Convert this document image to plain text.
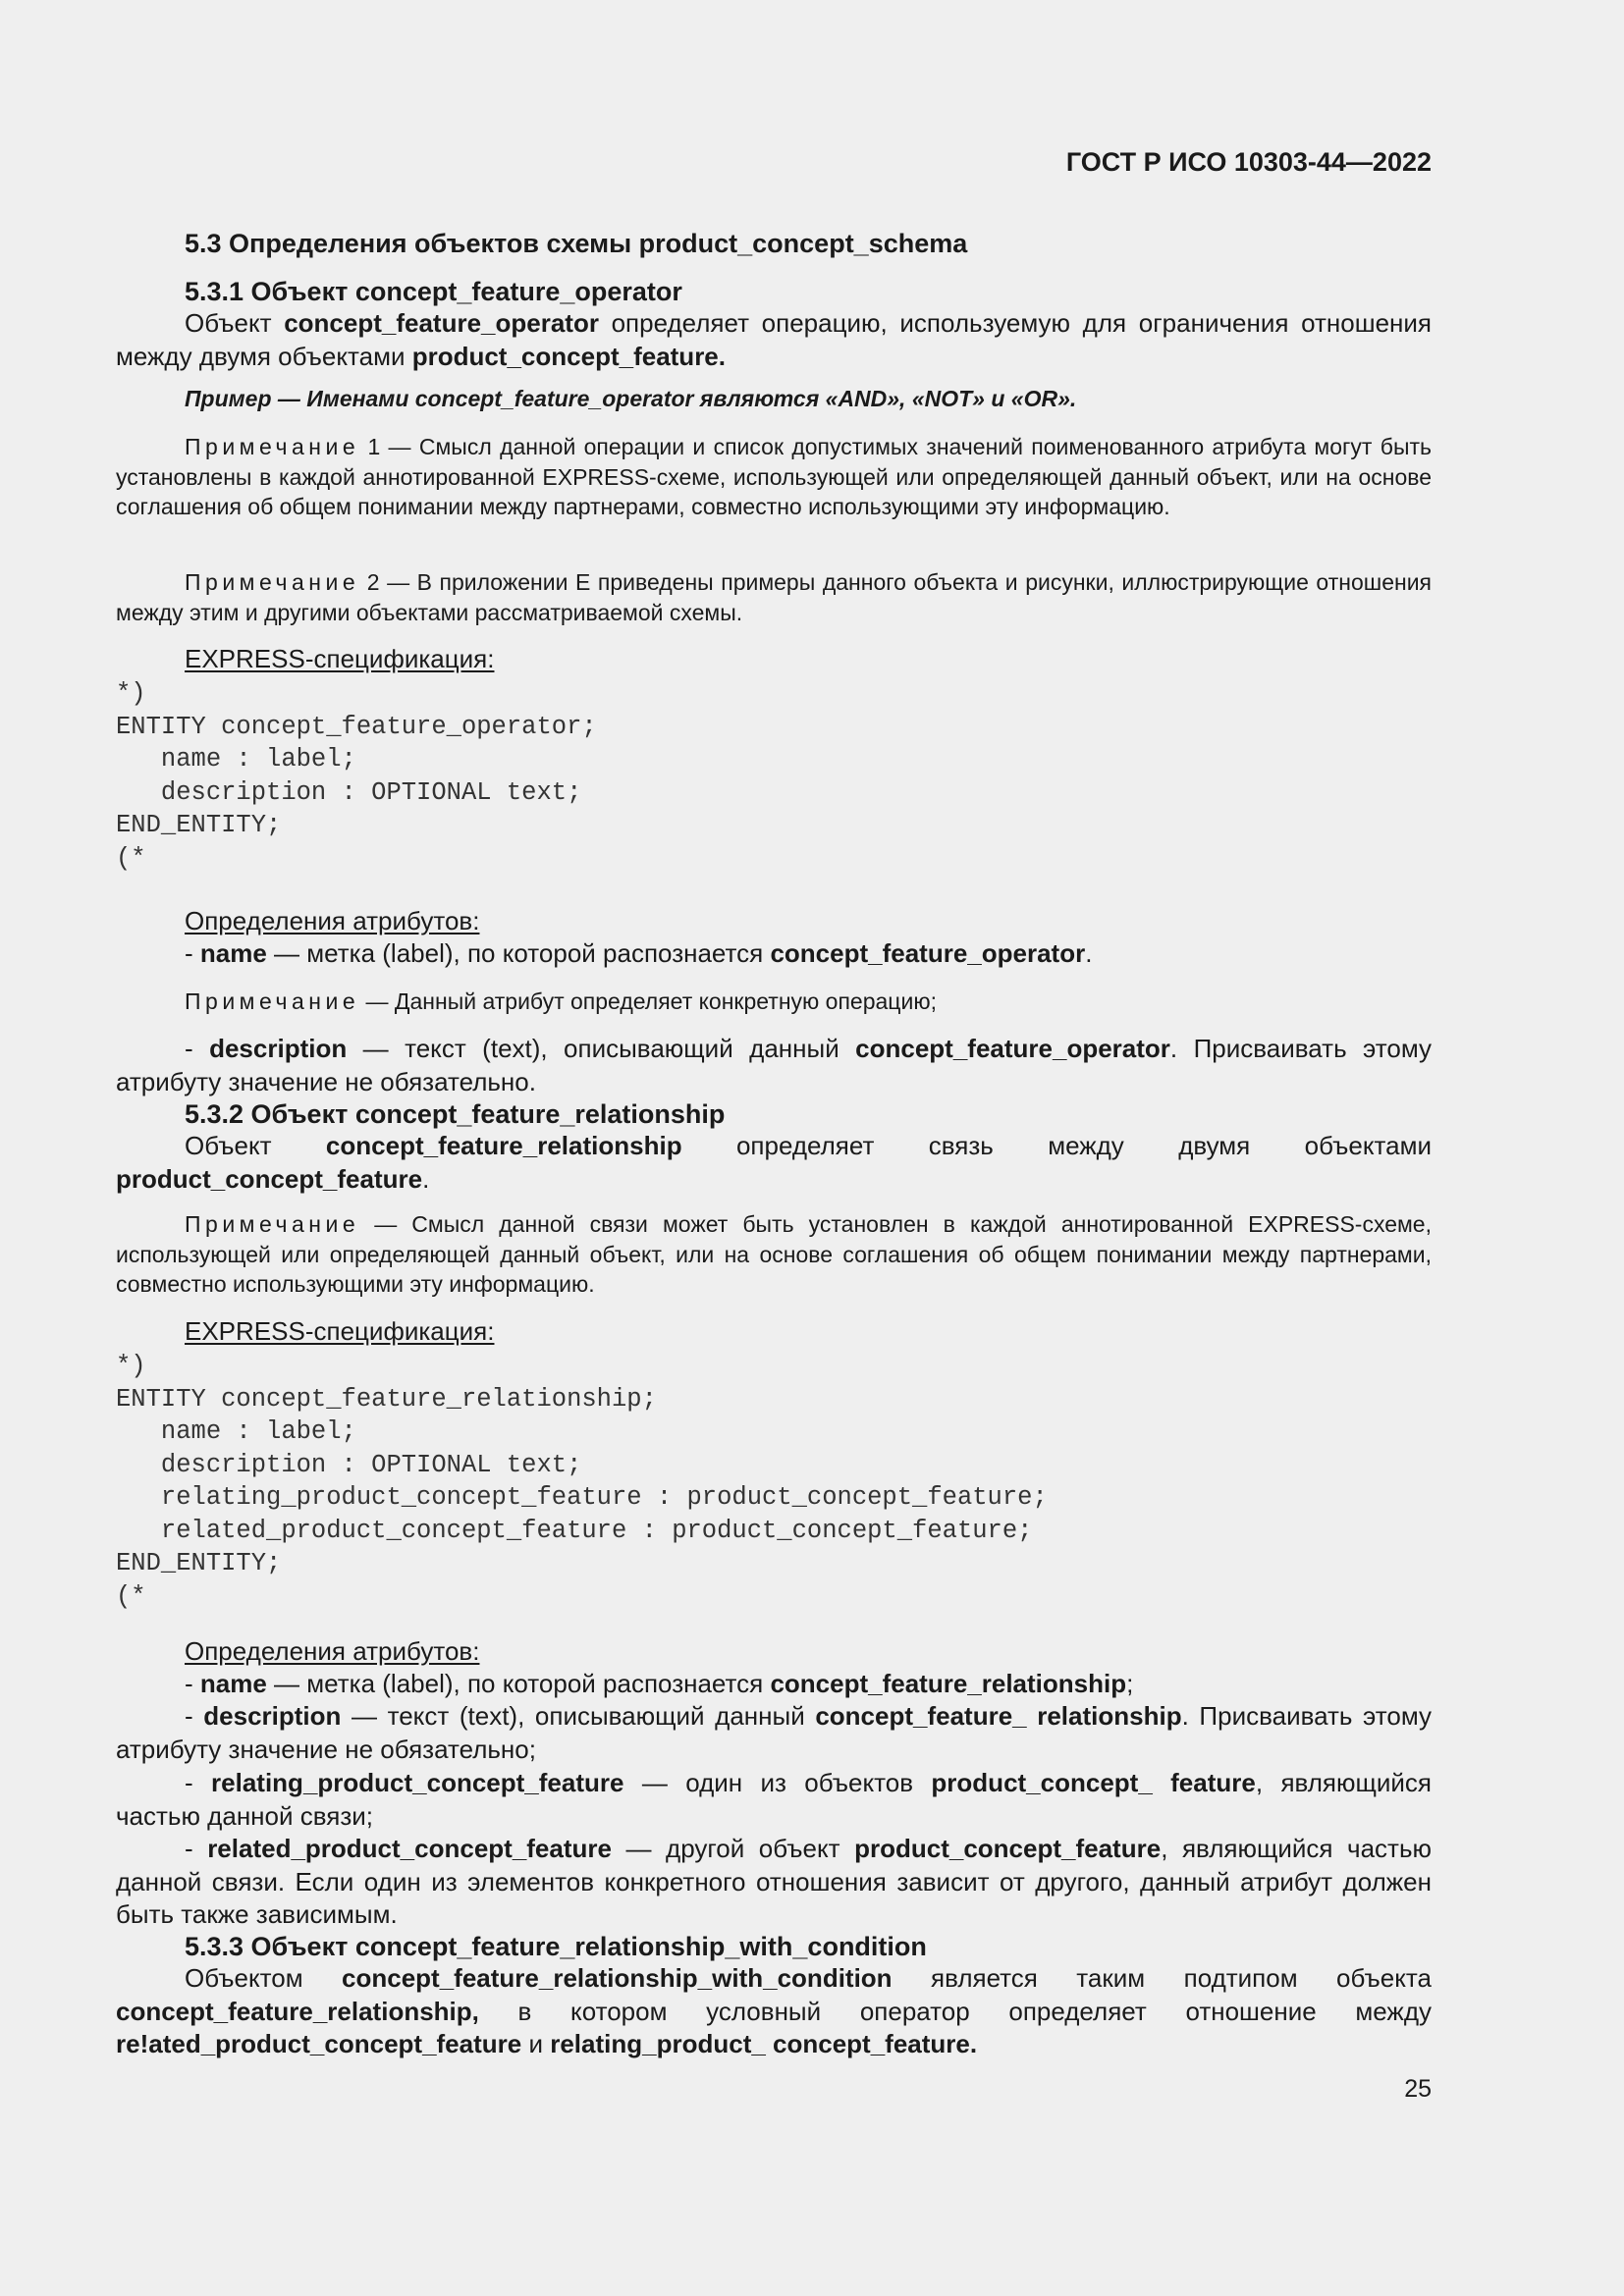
ГОСТ Р ИСО 10303-44—2022
5.3 Определения объектов схемы product_concept_schema
5.3.1 Объект concept_feature_operator

Объект concept_feature_operator определяет операцию, используемую для ограничения отношения между двумя объектами product_concept_feature.

Пример — Именами concept_feature_operator являются «AND», «NOT» и «OR».

Примечание 1 — Смысл данной операции и список допустимых значений поименованного атрибута могут быть установлены в каждой аннотированной EXPRESS-схеме, использующей или определяющей данный объект, или на основе соглашения об общем понимании между партнерами, совместно использующими эту информацию.

Примечание 2 — В приложении E приведены примеры данного объекта и рисунки, иллюстрирующие отношения между этим и другими объектами рассматриваемой схемы.

EXPRESS-спецификация:

*)
ENTITY concept_feature_operator;
name : label;
description : OPTIONAL text;
END_ENTITY;
(*

Определения атрибутов:

- name — метка (label), по которой распознается concept_feature_operator.

Примечание — Данный атрибут определяет конкретную операцию;

- description — текст (text), описывающий данный concept_feature_operator. Присваивать этому атрибуту значение не обязательно.

5.3.2 Объект concept_feature_relationship

Объект concept_feature_relationship определяет связь между двумя объектами product_concept_feature.

Примечание — Смысл данной связи может быть установлен в каждой аннотированной EXPRESS-схеме, использующей или определяющей данный объект, или на основе соглашения об общем понимании между партнерами, совместно использующими эту информацию.

EXPRESS-спецификация:

*)
ENTITY concept_feature_relationship;
name : label;
description : OPTIONAL text;
relating_product_concept_feature : product_concept_feature;
related_product_concept_feature : product_concept_feature;
END_ENTITY;
(*

Определения атрибутов:

- name — метка (label), по которой распознается concept_feature_relationship;

- description — текст (text), описывающий данный concept_feature_ relationship. Присваивать этому атрибуту значение не обязательно;

- relating_product_concept_feature — один из объектов product_concept_ feature, являющийся частью данной связи;

- related_product_concept_feature — другой объект product_concept_feature, являющийся частью данной связи. Если один из элементов конкретного отношения зависит от другого, данный атрибут должен быть также зависимым.

5.3.3 Объект concept_feature_relationship_with_condition

Объектом concept_feature_relationship_with_condition является таким подтипом объекта concept_feature_relationship, в котором условный оператор определяет отношение между re!ated_product_concept_feature и relating_product_ concept_feature.

25
